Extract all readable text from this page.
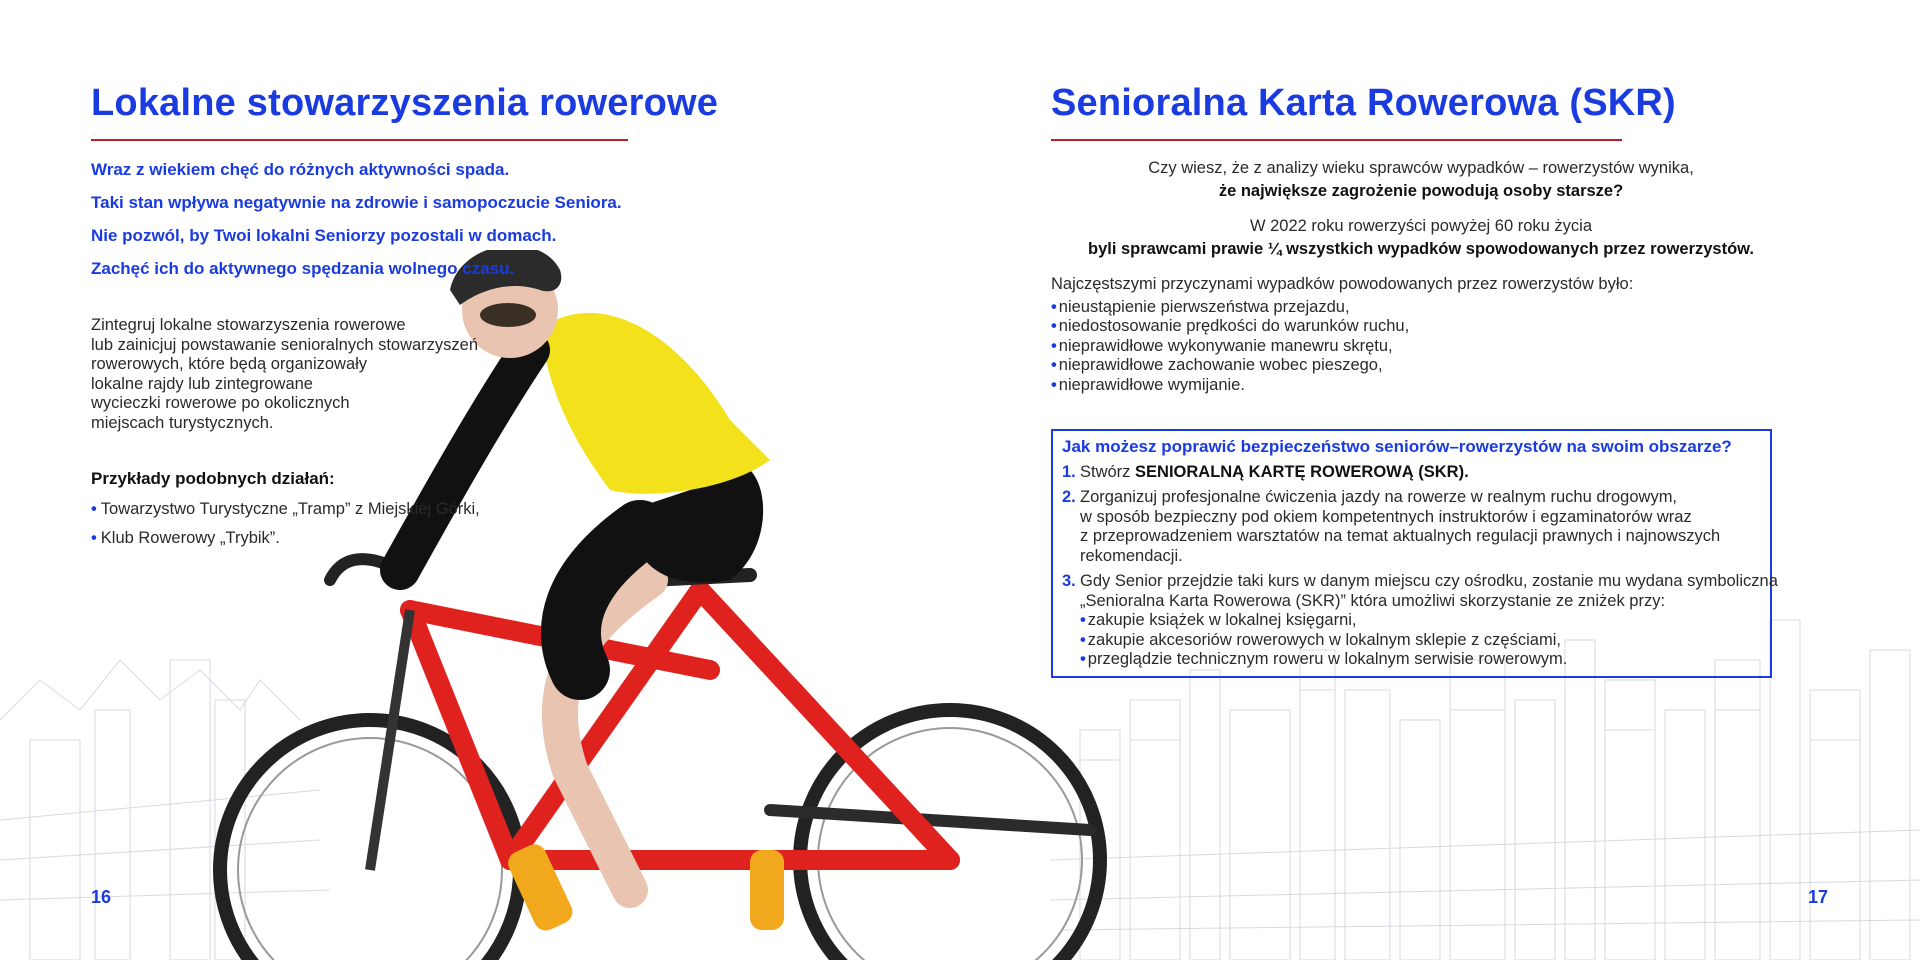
Lokalne stowarzyszenia rowerowe

Wraz z wiekiem chęć do różnych aktywności spada.

Taki stan wpływa negatywnie na zdrowie i samopoczucie Seniora.

Nie pozwól, by Twoi lokalni Seniorzy pozostali w domach.

Zachęć ich do aktywnego spędzania wolnego czasu.

Zintegruj lokalne stowarzyszenia rowerowe
lub zainicjuj powstawanie senioralnych stowarzyszeń
rowerowych, które będą organizowały
lokalne rajdy lub zintegrowane
wycieczki rowerowe po okolicznych
miejscach turystycznych.
Przykłady podobnych działań:
• Towarzystwo Turystyczne „Tramp” z Miejskiej Górki,
• Klub Rowerowy „Trybik”.
Senioralna Karta Rowerowa (SKR)
Czy wiesz, że z analizy wieku sprawców wypadków – rowerzystów wynika,
że największe zagrożenie powodują osoby starsze?
W 2022 roku rowerzyści powyżej 60 roku życia
byli sprawcami prawie ¼ wszystkich wypadków spowodowanych przez rowerzystów.
Najczęstszymi przyczynami wypadków powodowanych przez rowerzystów było:
• nieustąpienie pierwszeństwa przejazdu,
• niedostosowanie prędkości do warunków ruchu,
• nieprawidłowe wykonywanie manewru skrętu,
• nieprawidłowe zachowanie wobec pieszego,
• nieprawidłowe wymijanie.
Jak możesz poprawić bezpieczeństwo seniorów–rowerzystów na swoim obszarze?
1. Stwórz SENIORALNĄ KARTĘ ROWEROWĄ (SKR).
2. Zorganizuj profesjonalne ćwiczenia jazdy na rowerze w realnym ruchu drogowym,
w sposób bezpieczny pod okiem kompetentnych instruktorów i egzaminatorów wraz
z przeprowadzeniem warsztatów na temat aktualnych regulacji prawnych i najnowszych
rekomendacji.
3. Gdy Senior przejdzie taki kurs w danym miejscu czy ośrodku, zostanie mu wydana symboliczna
„Senioralna Karta Rowerowa (SKR)” która umożliwi skorzystanie ze zniżek przy:
• zakupie książek w lokalnej księgarni,
• zakupie akcesoriów rowerowych w lokalnym sklepie z częściami,
• przeglądzie technicznym roweru w lokalnym serwisie rowerowym.
16	17
